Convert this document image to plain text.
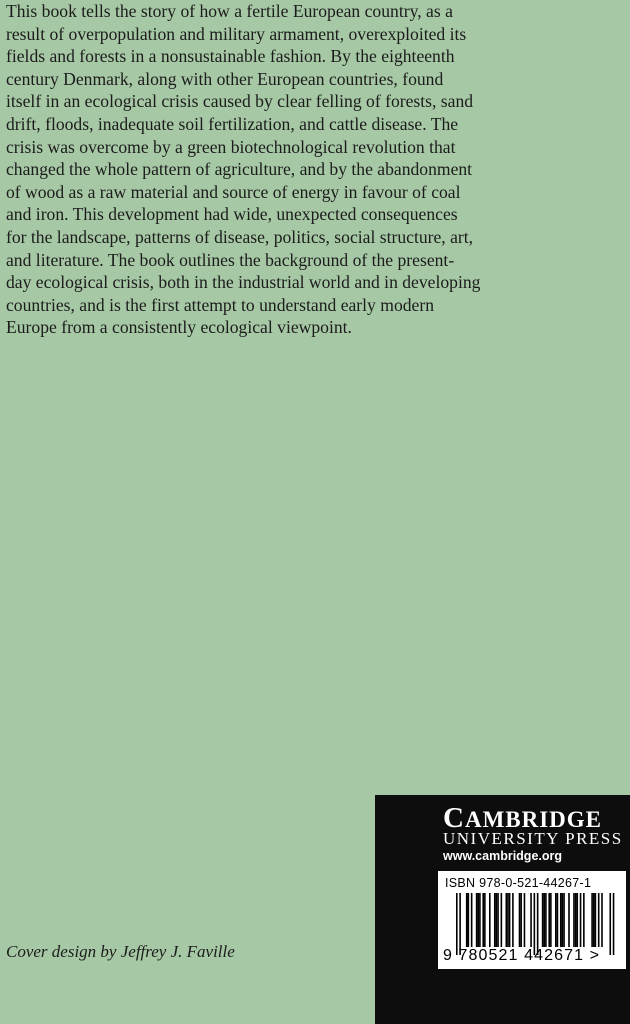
This book tells the story of how a fertile European country, as a
result of overpopulation and military armament, overexploited its
fields and forests in a nonsustainable fashion. By the eighteenth
century Denmark, along with other European countries, found
itself in an ecological crisis caused by clear felling of forests, sand
drift, floods, inadequate soil fertilization, and cattle disease. The
crisis was overcome by a green biotechnological revolution that
changed the whole pattern of agriculture, and by the abandonment
of wood as a raw material and source of energy in favour of coal
and iron. This development had wide, unexpected consequences
for the landscape, patterns of disease, politics, social structure, art,
and literature. The book outlines the background of the present-
day ecological crisis, both in the industrial world and in developing
countries, and is the first attempt to understand early modern
Europe from a consistently ecological viewpoint.
Cover design by Jeffrey J. Faville
CAMBRIDGE
UNIVERSITY PRESS
www.cambridge.org
ISBN 978-0-521-44267-1
9 780521 442671 >
